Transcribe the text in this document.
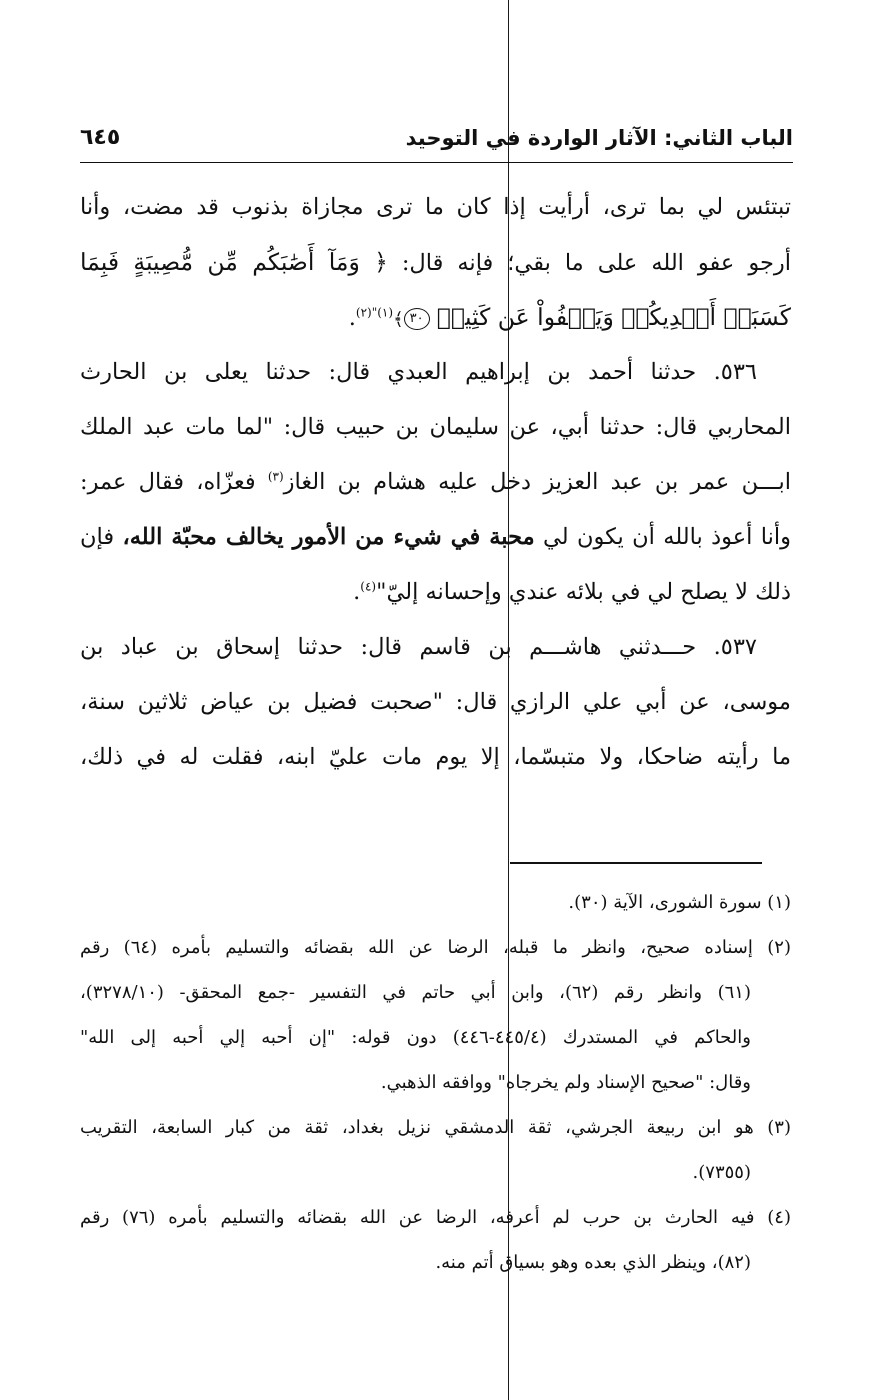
الباب الثاني: الآثار الواردة في التوحيد
٦٤٥
تبتئس لي بما ترى، أرأيت إذا كان ما ترى مجازاة بذنوب قد مضت، وأنا
أرجو عفو الله على ما بقي؛ فإنه قال: ﴿ وَمَآ أَصَٰبَكُم مِّن مُّصِيبَةٍ فَبِمَا
كَسَبَتۡ أَيۡدِيكُمۡ وَيَعۡفُواْ عَن كَثِيرٖ ٣٠﴾$^{(١)"(٢)}$.
٥٣٦. حدثنا أحمد بن إبراهيم العبدي قال: حدثنا يعلى بن الحارث
المحاربي قال: حدثنا أبي، عن سليمان بن حبيب قال: "لما مات عبد الملك
ابـــن عمر بن عبد العزيز دخل عليه هشام بن الغاز$^{(٣)}$ فعزّاه، فقال عمر:
وأنا أعوذ بالله أن يكون لي محبة في شيء من الأمور يخالف محبّة الله، فإن
ذلك لا يصلح لي في بلائه عندي وإحسانه إليّ"$^{(٤)}$.
٥٣٧. حـــدثني هاشـــم بن قاسم قال: حدثنا إسحاق بن عباد بن
موسى، عن أبي علي الرازي قال: "صحبت فضيل بن عياض ثلاثين سنة،
ما رأيته ضاحكا، ولا متبسّما، إلا يوم مات عليّ ابنه، فقلت له في ذلك،
(١) سورة الشورى، الآية (٣٠).
(٢) إسناده صحيح، وانظر ما قبله، الرضا عن الله بقضائه والتسليم بأمره (٦٤) رقم
(٦١) وانظر رقم (٦٢)، وابن أبي حاتم في التفسير -جمع المحقق- (٣٢٧٨/١٠)،
والحاكم في المستدرك (٤٤٥/٤-٤٤٦) دون قوله: "إن أحبه إلي أحبه إلى الله"
وقال: "صحيح الإسناد ولم يخرجاه" ووافقه الذهبي.
(٣) هو ابن ربيعة الجرشي، ثقة الدمشقي نزيل بغداد، ثقة من كبار السابعة، التقريب
(٧٣٥٥).
(٤) فيه الحارث بن حرب لم أعرفه، الرضا عن الله بقضائه والتسليم بأمره (٧٦) رقم
(٨٢)، وينظر الذي بعده وهو بسياق أتم منه.
